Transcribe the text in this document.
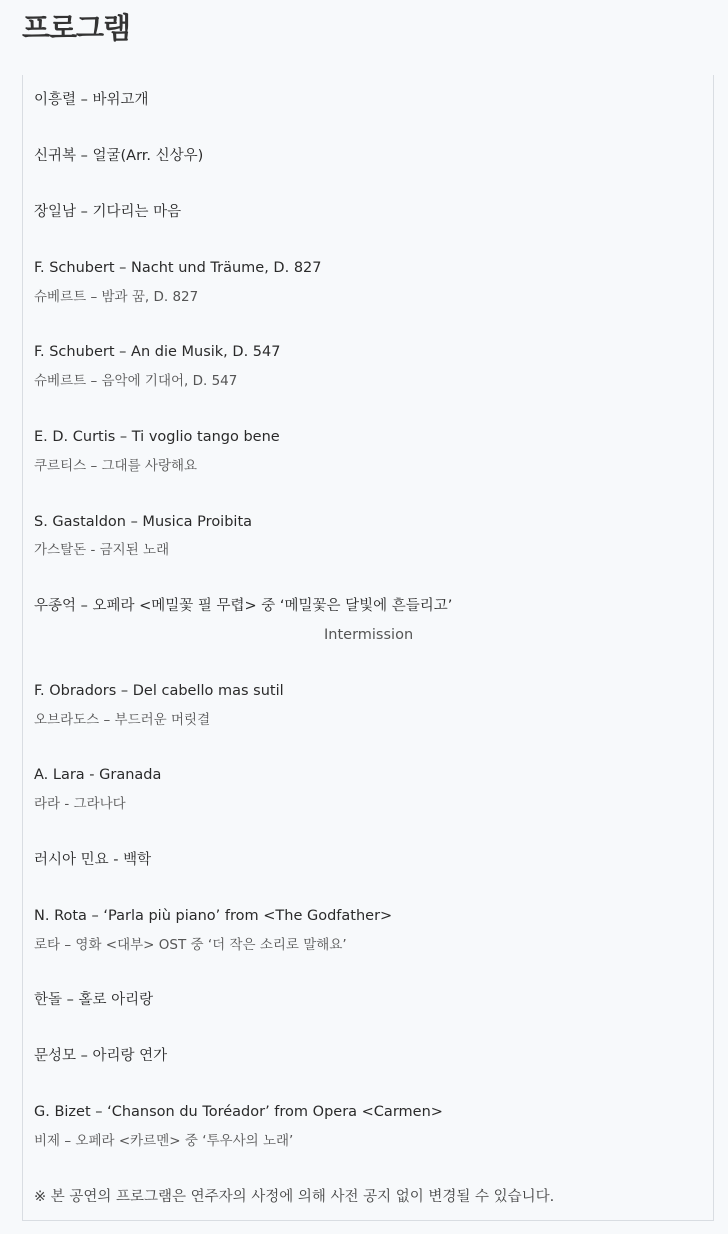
프로그램

이흥렬 – 바위고개

신귀복 – 얼굴(Arr. 신상우)

장일남 – 기다리는 마음

F. Schubert – Nacht und Träume, D. 827

슈베르트 – 밤과 꿈, D. 827

F. Schubert – An die Musik, D. 547

슈베르트 – 음악에 기대어, D. 547

E. D. Curtis – Ti voglio tango bene

쿠르티스 – 그대를 사랑해요

S. Gastaldon – Musica Proibita

가스탈돈 - 금지된 노래

우종억 – 오페라 <메밀꽃 필 무렵> 중 ‘메밀꽃은 달빛에 흔들리고’

Intermission

F. Obradors – Del cabello mas sutil

오브라도스 – 부드러운 머릿결

A. Lara - Granada

라라 - 그라나다

러시아 민요 - 백학

N. Rota – ‘Parla più piano’ from <The Godfather>

로타 – 영화 <대부> OST 중 ‘더 작은 소리로 말해요’

한돌 – 홀로 아리랑

문성모 – 아리랑 연가

G. Bizet – ‘Chanson du Toréador’ from Opera <Carmen>

비제 – 오페라 <카르멘> 중 ‘투우사의 노래’

※ 본 공연의 프로그램은 연주자의 사정에 의해 사전 공지 없이 변경될 수 있습니다.
